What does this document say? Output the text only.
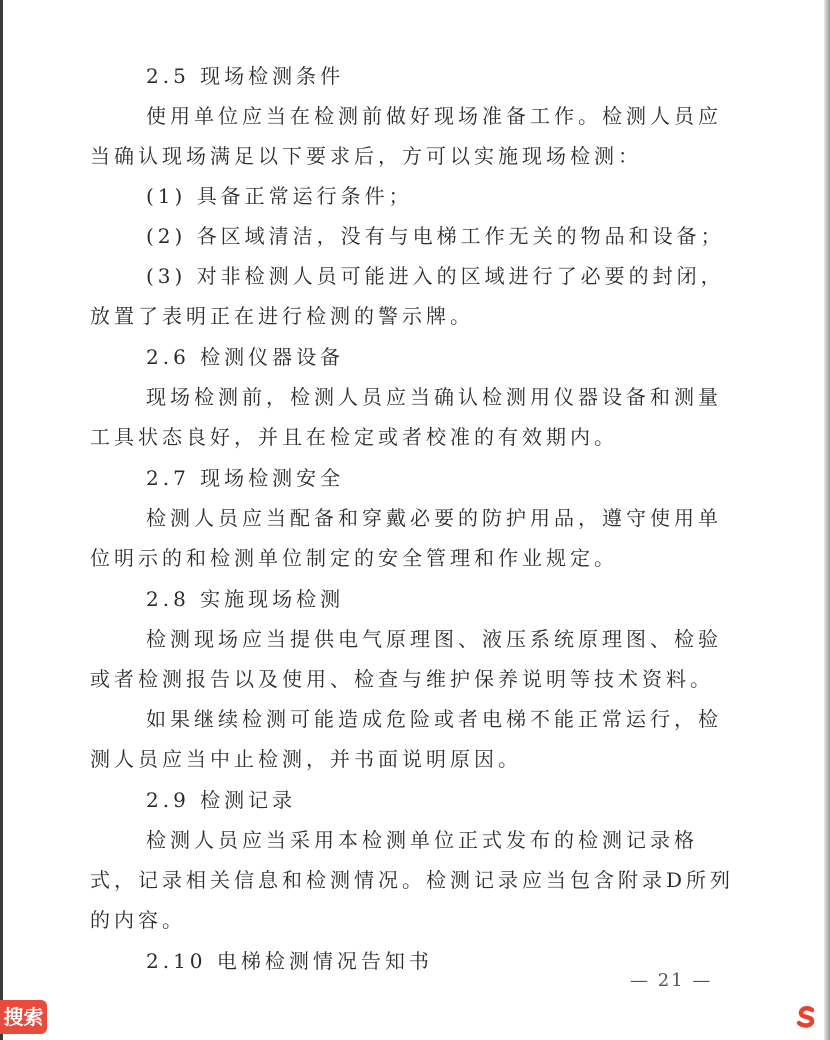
2.5 现场检测条件

使用单位应当在检测前做好现场准备工作。检测人员应当确认现场满足以下要求后，方可以实施现场检测：

(1) 具备正常运行条件；

(2) 各区域清洁，没有与电梯工作无关的物品和设备；

(3) 对非检测人员可能进入的区域进行了必要的封闭，放置了表明正在进行检测的警示牌。

2.6 检测仪器设备

现场检测前，检测人员应当确认检测用仪器设备和测量工具状态良好，并且在检定或者校准的有效期内。

2.7 现场检测安全

检测人员应当配备和穿戴必要的防护用品，遵守使用单位明示的和检测单位制定的安全管理和作业规定。

2.8 实施现场检测

检测现场应当提供电气原理图、液压系统原理图、检验或者检测报告以及使用、检查与维护保养说明等技术资料。

如果继续检测可能造成危险或者电梯不能正常运行，检测人员应当中止检测，并书面说明原因。

2.9 检测记录

检测人员应当采用本检测单位正式发布的检测记录格式，记录相关信息和检测情况。检测记录应当包含附录D所列的内容。

2.10 电梯检测情况告知书

— 21 —
搜索
